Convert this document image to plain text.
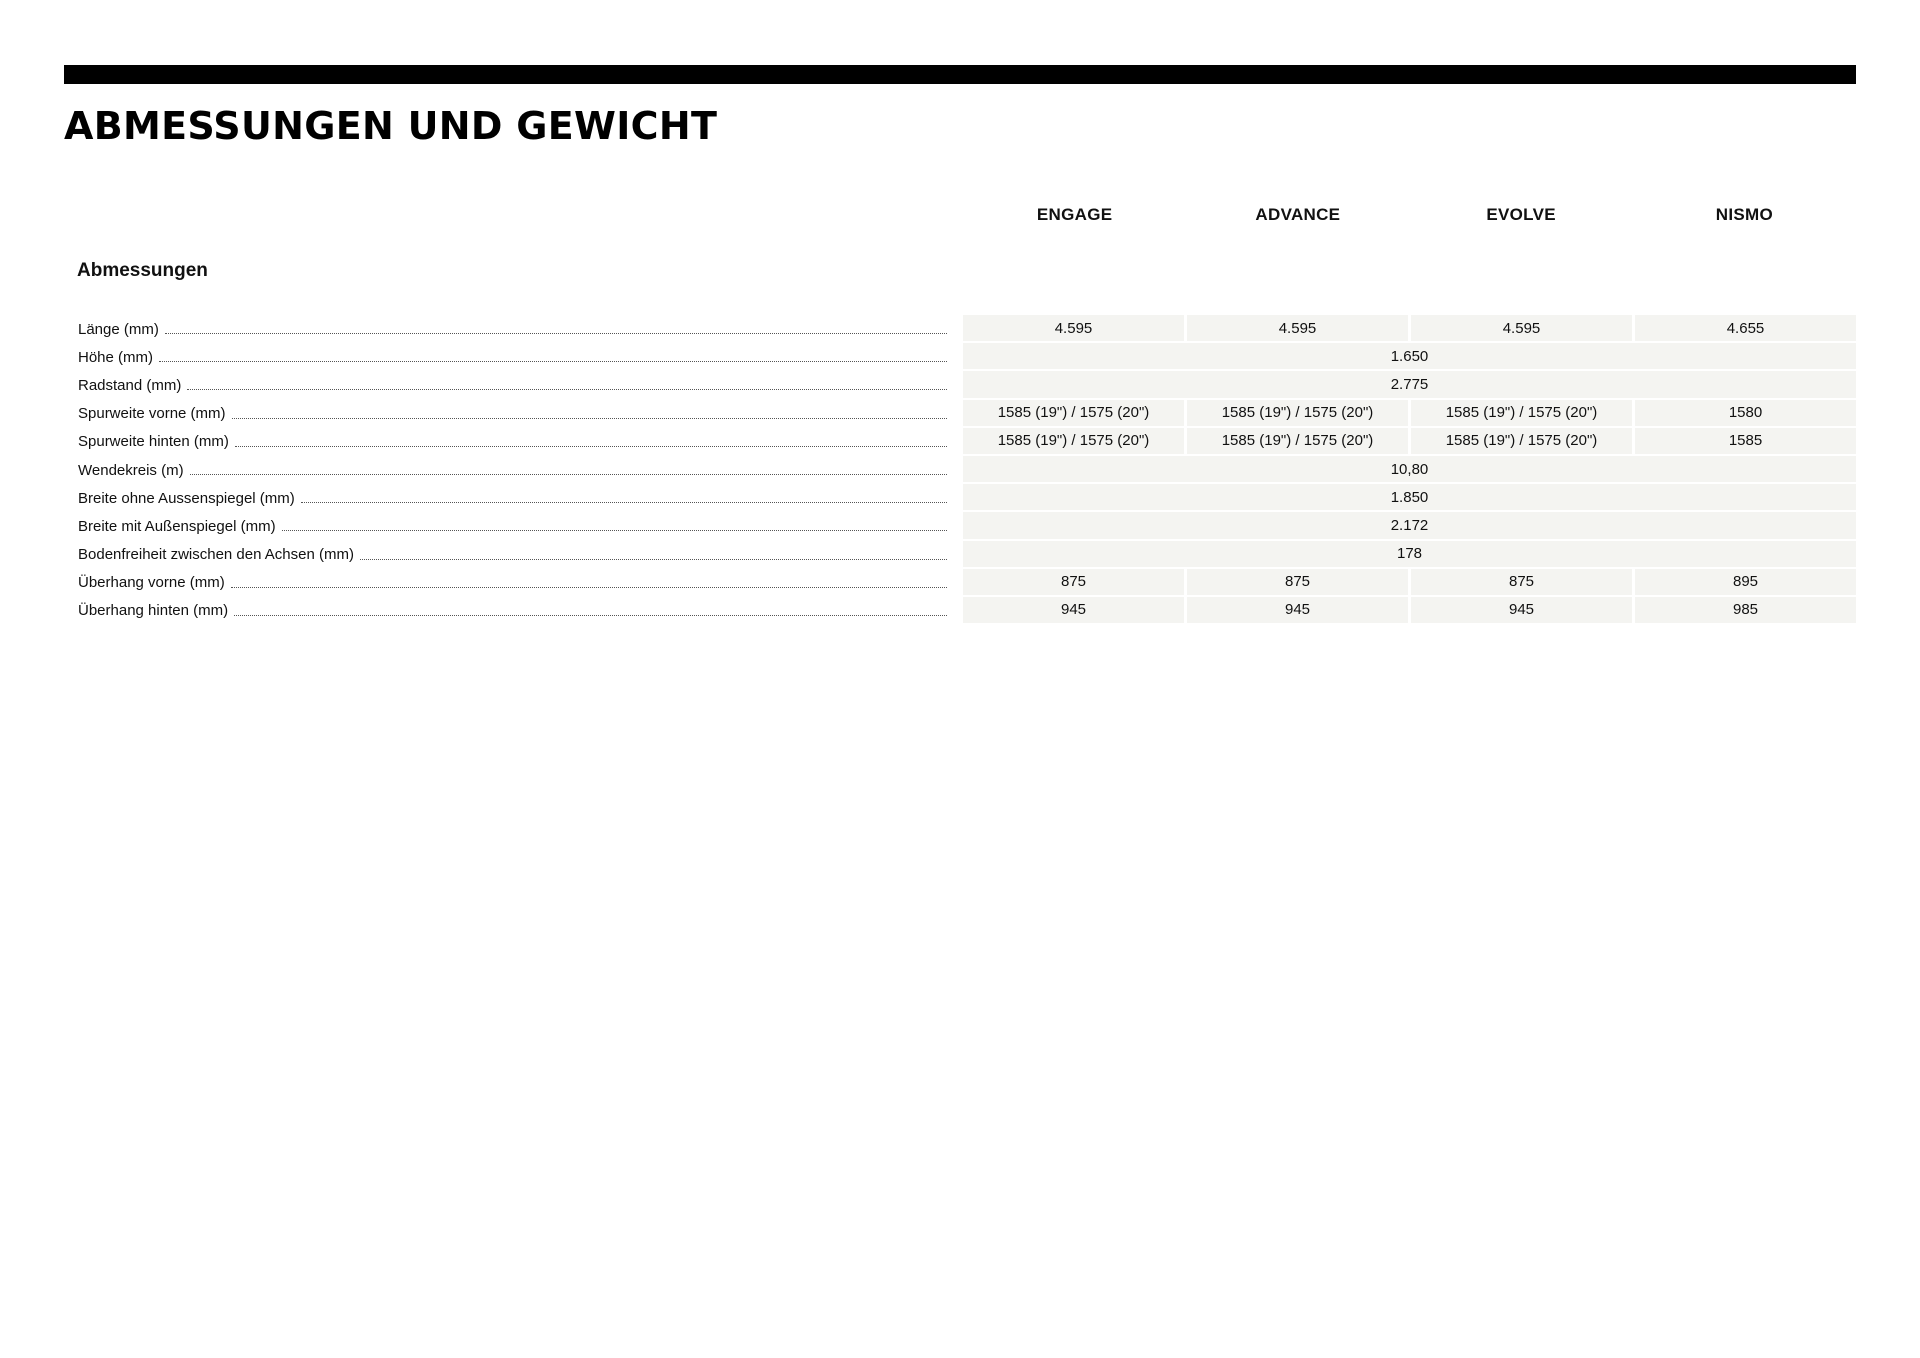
ABMESSUNGEN UND GEWICHT
ENGAGE	ADVANCE	EVOLVE	NISMO
Abmessungen
Länge (mm)	4.595	4.595	4.595	4.655
Höhe (mm)	1.650
Radstand (mm)	2.775
Spurweite vorne (mm)	1585 (19") / 1575 (20")	1585 (19") / 1575 (20")	1585 (19") / 1575 (20")	1580
Spurweite hinten (mm)	1585 (19") / 1575 (20")	1585 (19") / 1575 (20")	1585 (19") / 1575 (20")	1585
Wendekreis (m)	10,80
Breite ohne Aussenspiegel (mm)	1.850
Breite mit Außenspiegel (mm)	2.172
Bodenfreiheit zwischen den Achsen (mm)	178
Überhang vorne (mm)	875	875	875	895
Überhang hinten (mm)	945	945	945	985
